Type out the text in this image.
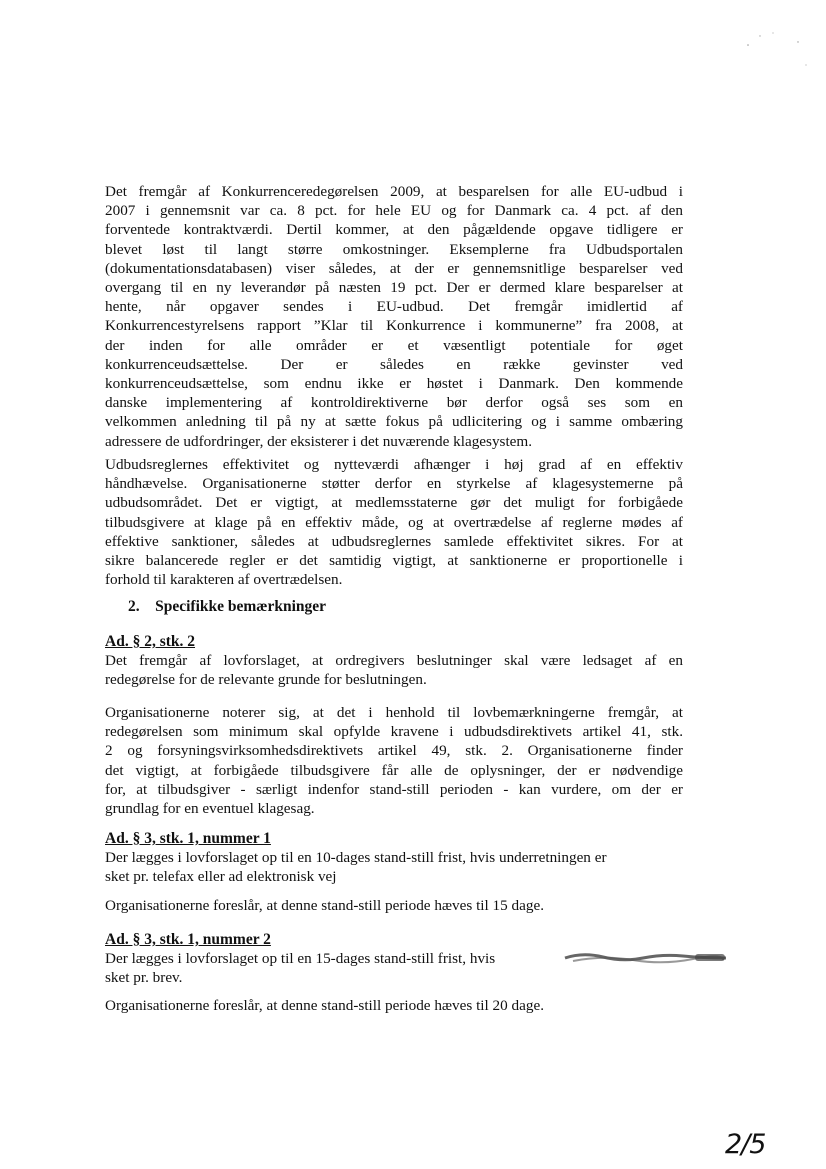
Det fremgår af Konkurrenceredegørelsen 2009, at besparelsen for alle EU-udbud i
2007 i gennemsnit var ca. 8 pct. for hele EU og for Danmark ca. 4 pct. af den
forventede kontraktværdi. Dertil kommer, at den pågældende opgave tidligere er
blevet løst til langt større omkostninger. Eksemplerne fra Udbudsportalen
(dokumentationsdatabasen) viser således, at der er gennemsnitlige besparelser ved
overgang til en ny leverandør på næsten 19 pct. Der er dermed klare besparelser at
hente, når opgaver sendes i EU-udbud. Det fremgår imidlertid af
Konkurrencestyrelsens rapport ”Klar til Konkurrence i kommunerne” fra 2008, at
der inden for alle områder er et væsentligt potentiale for øget
konkurrenceudsættelse. Der er således en række gevinster ved
konkurrenceudsættelse, som endnu ikke er høstet i Danmark. Den kommende
danske implementering af kontroldirektiverne bør derfor også ses som en
velkommen anledning til på ny at sætte fokus på udlicitering og i samme ombæring
adressere de udfordringer, der eksisterer i det nuværende klagesystem.
Udbudsreglernes effektivitet og nytteværdi afhænger i høj grad af en effektiv
håndhævelse. Organisationerne støtter derfor en styrkelse af klagesystemerne på
udbudsområdet. Det er vigtigt, at medlemsstaterne gør det muligt for forbigåede
tilbudsgivere at klage på en effektiv måde, og at overtrædelse af reglerne mødes af
effektive sanktioner, således at udbudsreglernes samlede effektivitet sikres. For at
sikre balancerede regler er det samtidig vigtigt, at sanktionerne er proportionelle i
forhold til karakteren af overtrædelsen.
2. Specifikke bemærkninger
Ad. § 2, stk. 2
Det fremgår af lovforslaget, at ordregivers beslutninger skal være ledsaget af en
redegørelse for de relevante grunde for beslutningen.
Organisationerne noterer sig, at det i henhold til lovbemærkningerne fremgår, at
redegørelsen som minimum skal opfylde kravene i udbudsdirektivets artikel 41, stk.
2 og forsyningsvirksomhedsdirektivets artikel 49, stk. 2. Organisationerne finder
det vigtigt, at forbigåede tilbudsgivere får alle de oplysninger, der er nødvendige
for, at tilbudsgiver - særligt indenfor stand-still perioden - kan vurdere, om der er
grundlag for en eventuel klagesag.
Ad. § 3, stk. 1, nummer 1
Der lægges i lovforslaget op til en 10-dages stand-still frist, hvis underretningen er
sket pr. telefax eller ad elektronisk vej
Organisationerne foreslår, at denne stand-still periode hæves til 15 dage.
Ad. § 3, stk. 1, nummer 2
Der lægges i lovforslaget op til en 15-dages stand-still frist, hvis
sket pr. brev.
Organisationerne foreslår, at denne stand-still periode hæves til 20 dage.
2/5
